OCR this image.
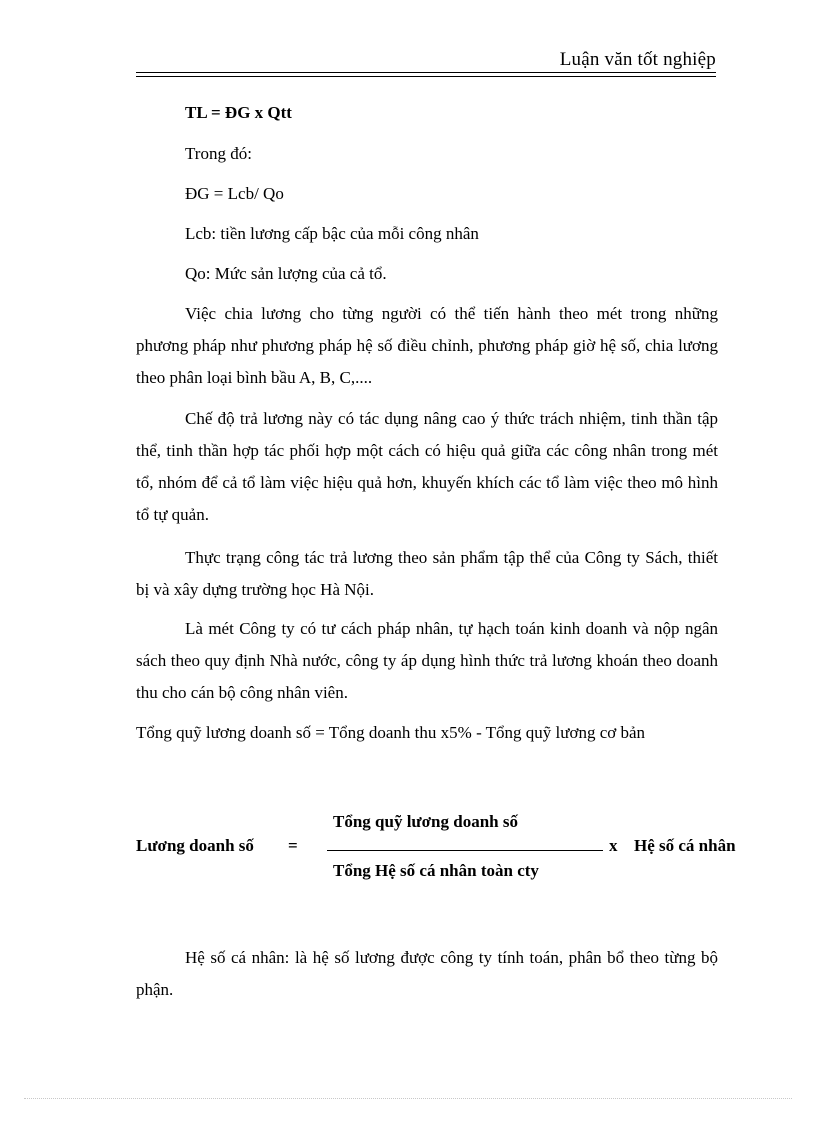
Luận văn tốt nghiệp
TL = ĐG x Qtt
Trong đó:
ĐG = Lcb/ Qo
Lcb: tiền lương cấp bậc của mỗi công nhân
Qo: Mức sản lượng của cả tổ.

Việc chia lương cho từng người có thể tiến hành theo mét trong những phương pháp như phương pháp hệ số điều chỉnh, phương pháp giờ hệ số, chia lương theo phân loại bình bầu A, B, C,....

Chế độ trả lương này có tác dụng nâng cao ý thức trách nhiệm, tinh thần tập thể, tinh thần hợp tác phối hợp một cách có hiệu quả giữa các công nhân trong mét tổ, nhóm để cả tổ làm việc hiệu quả hơn, khuyến khích các tổ làm việc theo mô hình tổ tự quản.

Thực trạng công tác trả lương theo sản phẩm tập thể của Công ty Sách, thiết bị và xây dựng trường học Hà Nội.

Là mét Công ty có tư cách pháp nhân, tự hạch toán kinh doanh và nộp ngân sách theo quy định Nhà nước, công ty áp dụng hình thức trả lương khoán theo doanh thu cho cán bộ công nhân viên.

Tổng quỹ lương doanh số = Tổng doanh thu x5% - Tổng quỹ lương cơ bản
Lương doanh số =
Tổng quỹ lương doanh số
Tổng Hệ số cá nhân toàn cty
x Hệ số cá nhân

Hệ số cá nhân: là hệ số lương được công ty tính toán, phân bổ theo từng bộ phận.
